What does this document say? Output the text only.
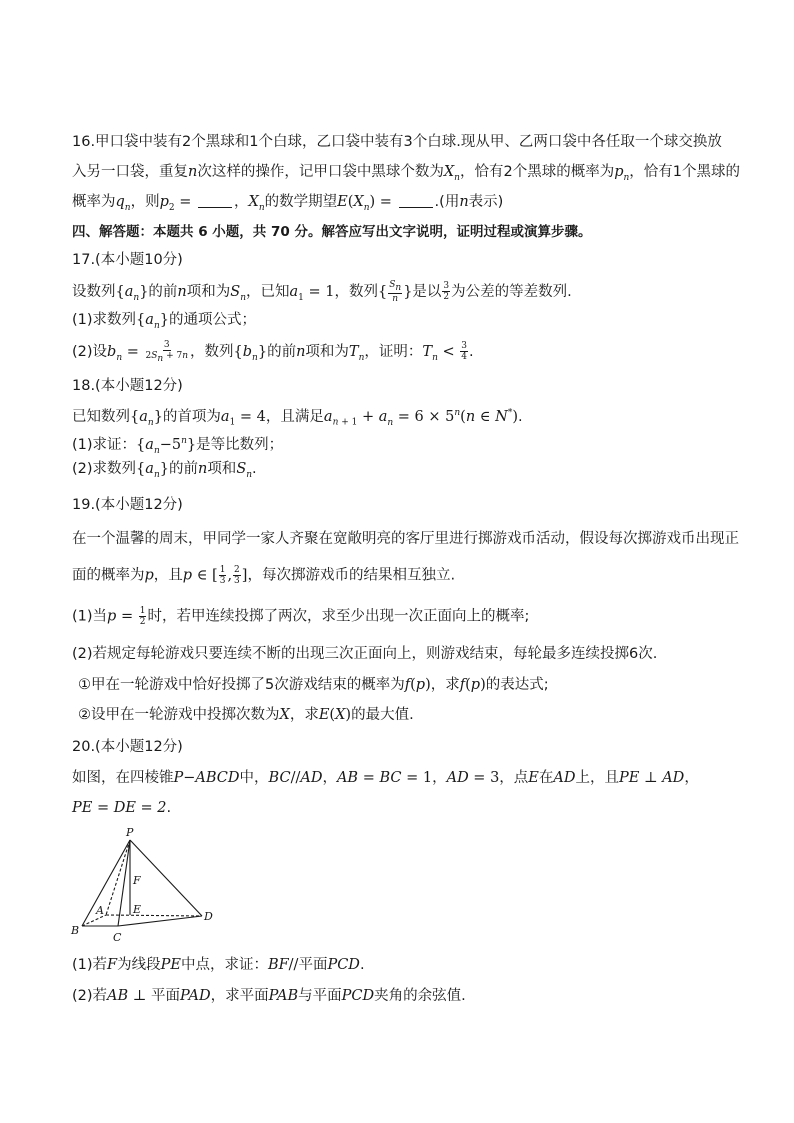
16.甲口袋中装有2个黑球和1个白球，乙口袋中装有3个白球.现从甲、乙两口袋中各任取一个球交换放
入另一口袋，重复n次这样的操作，记甲口袋中黑球个数为$X_n$，恰有2个黑球的概率为$p_n$，恰有1个黑球的
概率为$q_n$，则$p_2$ =	，$X_n$的数学期望$E(X_n)$ =	.(用n表示)
四、解答题：本题共 6 小题，共 70 分。解答应写出文字说明，证明过程或演算步骤。
17.(本小题10分)
设数列$\{a_n\}$的前n项和为$S_n$，已知$a_1 = 1$，数列{ $\frac{S_n}{n}$ }是以 $\frac{3}{2}$ 为公差的等差数列.
(1)求数列$\{a_n\}$的通项公式；
(2)设$b_n = \frac{3}{2S_n + 7n}$ ，数列$\{b_n\}$的前n项和为$T_n$，证明：$T_n < \frac{3}{4}$ .
18.(本小题12分)
已知数列$\{a_n\}$的首项为$a_1 = 4$，且满足$a_{n + 1} + a_n = 6 \times 5^n(n$ ∈ N*).
(1)求证：$\{a_n-5^n\}$是等比数列；
(2)求数列$\{a_n\}$的前n项和$S_n$.
19.(本小题12分)
在一个温馨的周末，甲同学一家人齐聚在宽敞明亮的客厅里进行掷游戏币活动，假设每次掷游戏币出现正
面的概率为p，且p ∈ [ $\frac{1}{3}$ , $\frac{2}{3}$ ]，每次掷游戏币的结果相互独立.
(1)当$p = \frac{1}{2}$ 时，若甲连续投掷了两次，求至少出现一次正面向上的概率;
(2)若规定每轮游戏只要连续不断的出现三次正面向上，则游戏结束，每轮最多连续投掷6次.
①甲在一轮游戏中恰好投掷了5次游戏结束的概率为f(p)，求f(p)的表达式;
②设甲在一轮游戏中投掷次数为X，求E(X)的最大值.
20.(本小题12分)
如图，在四棱锥P−ABCD中，BC//AD，AB = BC = 1，AD = 3，点E在AD上，且PE ⊥ AD，
PE = DE = 2.
P
F
A	E
D
B
C
(1)若F为线段PE中点，求证：BF//平面PCD.
(2)若AB ⊥ 平面PAD，求平面PAB与平面PCD夹角的余弦值.
